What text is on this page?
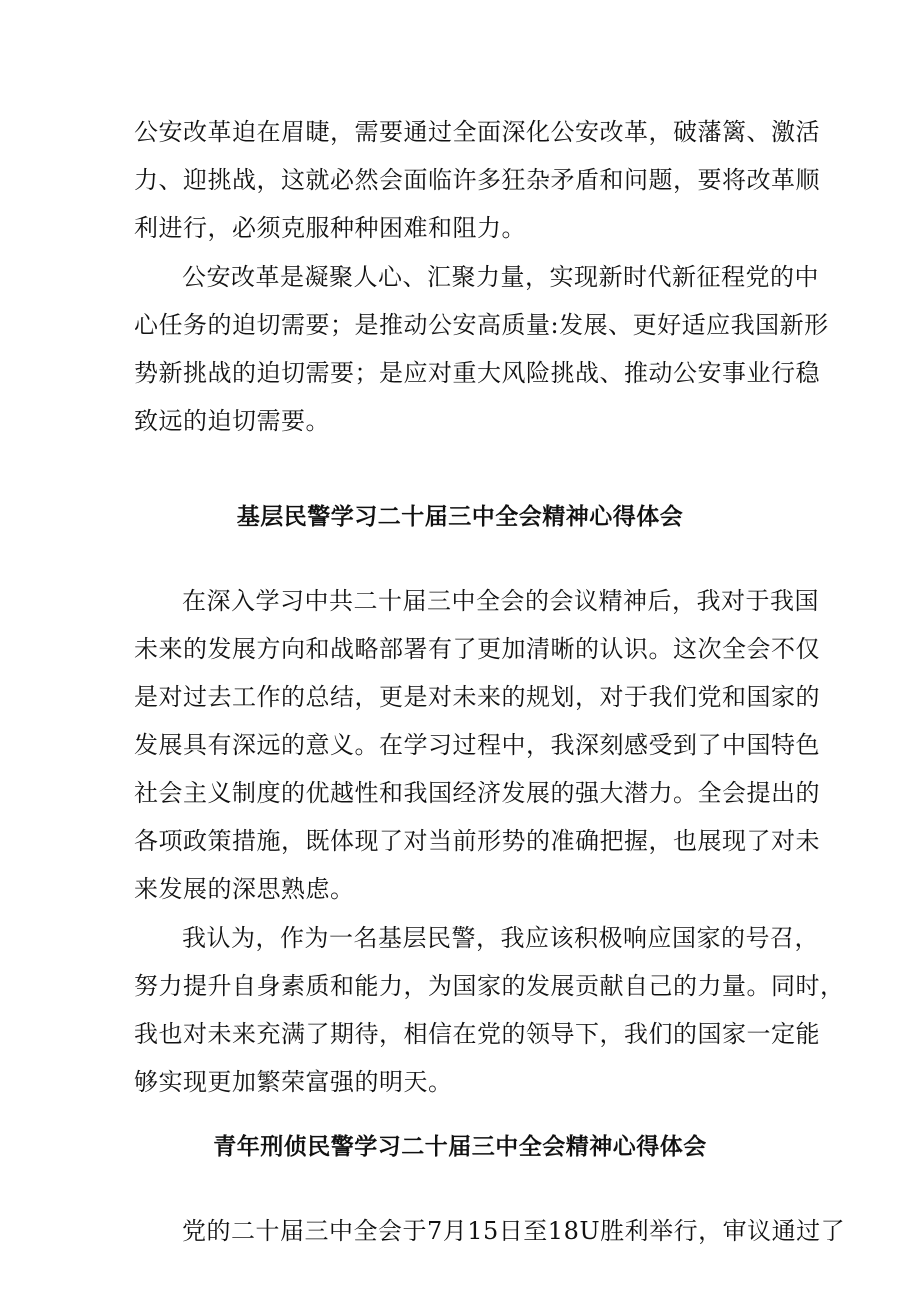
公安改革迫在眉睫，需要通过全面深化公安改革，破藩篱、激活
力、迎挑战，这就必然会面临许多狂杂矛盾和问题，要将改革顺
利进行，必须克服种种困难和阻力。
公安改革是凝聚人心、汇聚力量，实现新时代新征程党的中
心任务的迫切需要；是推动公安高质量:发展、更好适应我国新形
势新挑战的迫切需要；是应对重大风险挑战、推动公安事业行稳
致远的迫切需要。
基层民警学习二十届三中全会精神心得体会
在深入学习中共二十届三中全会的会议精神后，我对于我国
未来的发展方向和战略部署有了更加清晰的认识。这次全会不仅
是对过去工作的总结，更是对未来的规划，对于我们党和国家的
发展具有深远的意义。在学习过程中，我深刻感受到了中国特色
社会主义制度的优越性和我国经济发展的强大潜力。全会提出的
各项政策措施，既体现了对当前形势的准确把握，也展现了对未
来发展的深思熟虑。
我认为，作为一名基层民警，我应该积极响应国家的号召，
努力提升自身素质和能力，为国家的发展贡献自己的力量。同时，
我也对未来充满了期待，相信在党的领导下，我们的国家一定能
够实现更加繁荣富强的明天。
青年刑侦民警学习二十届三中全会精神心得体会
党的二十届三中全会于7月15日至18U胜利举行，审议通过了
